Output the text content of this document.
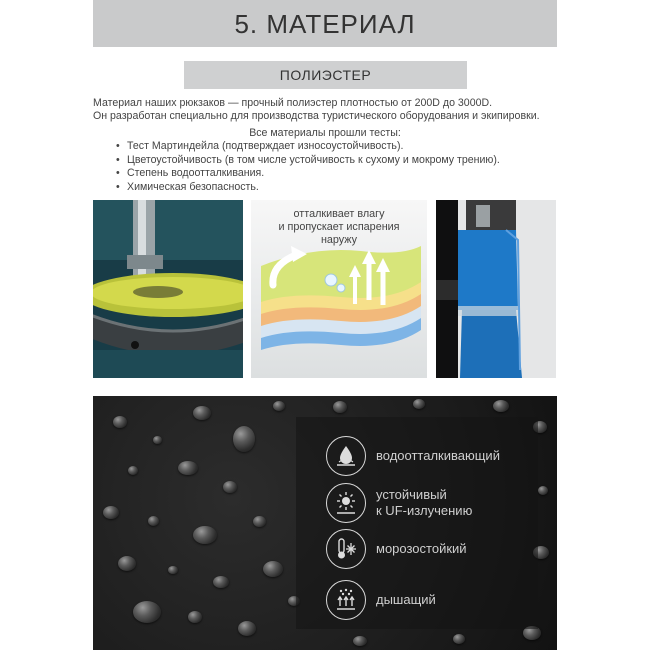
5. МАТЕРИАЛ
ПОЛИЭСТЕР
Материал наших рюкзаков — прочный полиэстер плотностью от 200D до 3000D.
Он разработан специально для производства туристического оборудования и экипировки.
Все материалы прошли тесты:
• Тест Мартиндейла (подтверждает износоустойчивость).
• Цветоустойчивость (в том числе устойчивость к сухому и мокрому трению).
• Степень водоотталкивания.
• Химическая безопасность.
отталкивает влагу
и пропускает испарения
наружу
водоотталкивающий
устойчивый
к UF-излучению
морозостойкий
дышащий
